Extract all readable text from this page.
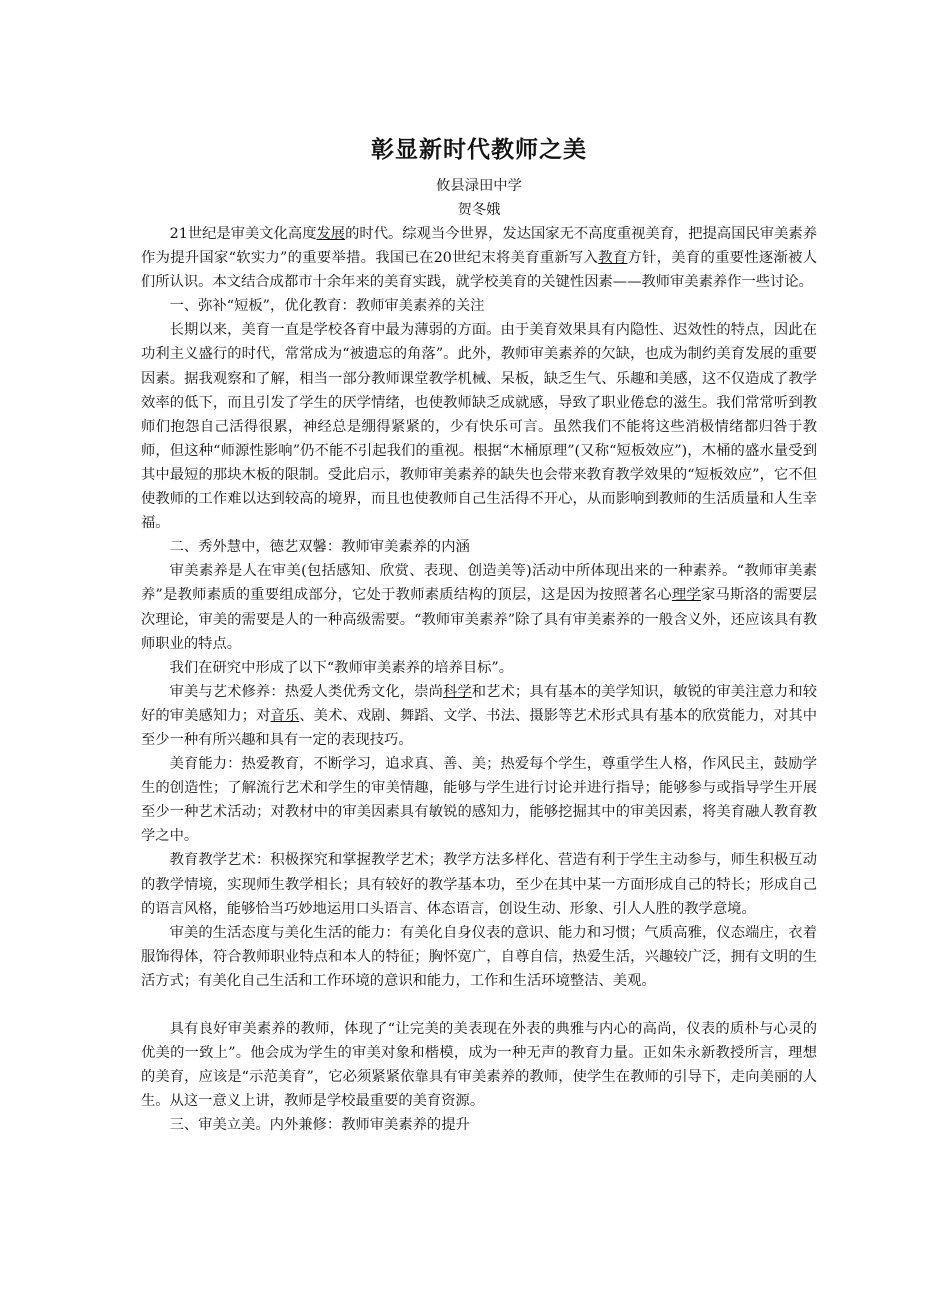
彰显新时代教师之美
攸县渌田中学
贺冬娥

21世纪是审美文化高度发展的时代。综观当今世界，发达国家无不高度重视美育，把提高国民审美素养作为提升国家“软实力”的重要举措。我国已在20世纪末将美育重新写入教育方针，美育的重要性逐渐被人们所认识。本文结合成都市十余年来的美育实践，就学校美育的关键性因素——教师审美素养作一些讨论。

一、弥补“短板”，优化教育：教师审美素养的关注

长期以来，美育一直是学校各育中最为薄弱的方面。由于美育效果具有内隐性、迟效性的特点，因此在功利主义盛行的时代，常常成为“被遗忘的角落”。此外，教师审美素养的欠缺，也成为制约美育发展的重要因素。据我观察和了解，相当一部分教师课堂教学机械、呆板，缺乏生气、乐趣和美感，这不仅造成了教学效率的低下，而且引发了学生的厌学情绪，也使教师缺乏成就感，导致了职业倦怠的滋生。我们常常听到教师们抱怨自己活得很累，神经总是绷得紧紧的，少有快乐可言。虽然我们不能将这些消极情绪都归咎于教师，但这种“师源性影响”仍不能不引起我们的重视。根据“木桶原理”(又称“短板效应”)，木桶的盛水量受到其中最短的那块木板的限制。受此启示，教师审美素养的缺失也会带来教育教学效果的“短板效应”，它不但使教师的工作难以达到较高的境界，而且也使教师自己生活得不开心，从而影响到教师的生活质量和人生幸福。

二、秀外慧中，德艺双馨：教师审美素养的内涵

审美素养是人在审美(包括感知、欣赏、表现、创造美等)活动中所体现出来的一种素养。“教师审美素养”是教师素质的重要组成部分，它处于教师素质结构的顶层，这是因为按照著名心理学家马斯洛的需要层次理论，审美的需要是人的一种高级需要。“教师审美素养”除了具有审美素养的一般含义外，还应该具有教师职业的特点。

我们在研究中形成了以下“教师审美素养的培养目标”。

审美与艺术修养：热爱人类优秀文化，崇尚科学和艺术；具有基本的美学知识，敏锐的审美注意力和较好的审美感知力；对音乐、美术、戏剧、舞蹈、文学、书法、摄影等艺术形式具有基本的欣赏能力，对其中至少一种有所兴趣和具有一定的表现技巧。

美育能力：热爱教育，不断学习，追求真、善、美；热爱每个学生，尊重学生人格，作风民主，鼓励学生的创造性；了解流行艺术和学生的审美情趣，能够与学生进行讨论并进行指导；能够参与或指导学生开展至少一种艺术活动；对教材中的审美因素具有敏锐的感知力，能够挖掘其中的审美因素，将美育融人教育教学之中。

教育教学艺术：积极探究和掌握教学艺术；教学方法多样化、营造有利于学生主动参与，师生积极互动的教学情境，实现师生教学相长；具有较好的教学基本功，至少在其中某一方面形成自己的特长；形成自己的语言风格，能够恰当巧妙地运用口头语言、体态语言，创设生动、形象、引人人胜的教学意境。

审美的生活态度与美化生活的能力：有美化自身仪表的意识、能力和习惯；气质高雅，仪态端庄，衣着服饰得体，符合教师职业特点和本人的特征；胸怀宽广，自尊自信，热爱生活，兴趣较广泛，拥有文明的生活方式；有美化自己生活和工作环境的意识和能力，工作和生活环境整洁、美观。

具有良好审美素养的教师，体现了“让完美的美表现在外表的典雅与内心的高尚，仪表的质朴与心灵的优美的一致上”。他会成为学生的审美对象和楷模，成为一种无声的教育力量。正如朱永新教授所言，理想的美育，应该是“示范美育”，它必须紧紧依靠具有审美素养的教师，使学生在教师的引导下，走向美丽的人生。从这一意义上讲，教师是学校最重要的美育资源。

三、审美立美。内外兼修：教师审美素养的提升
